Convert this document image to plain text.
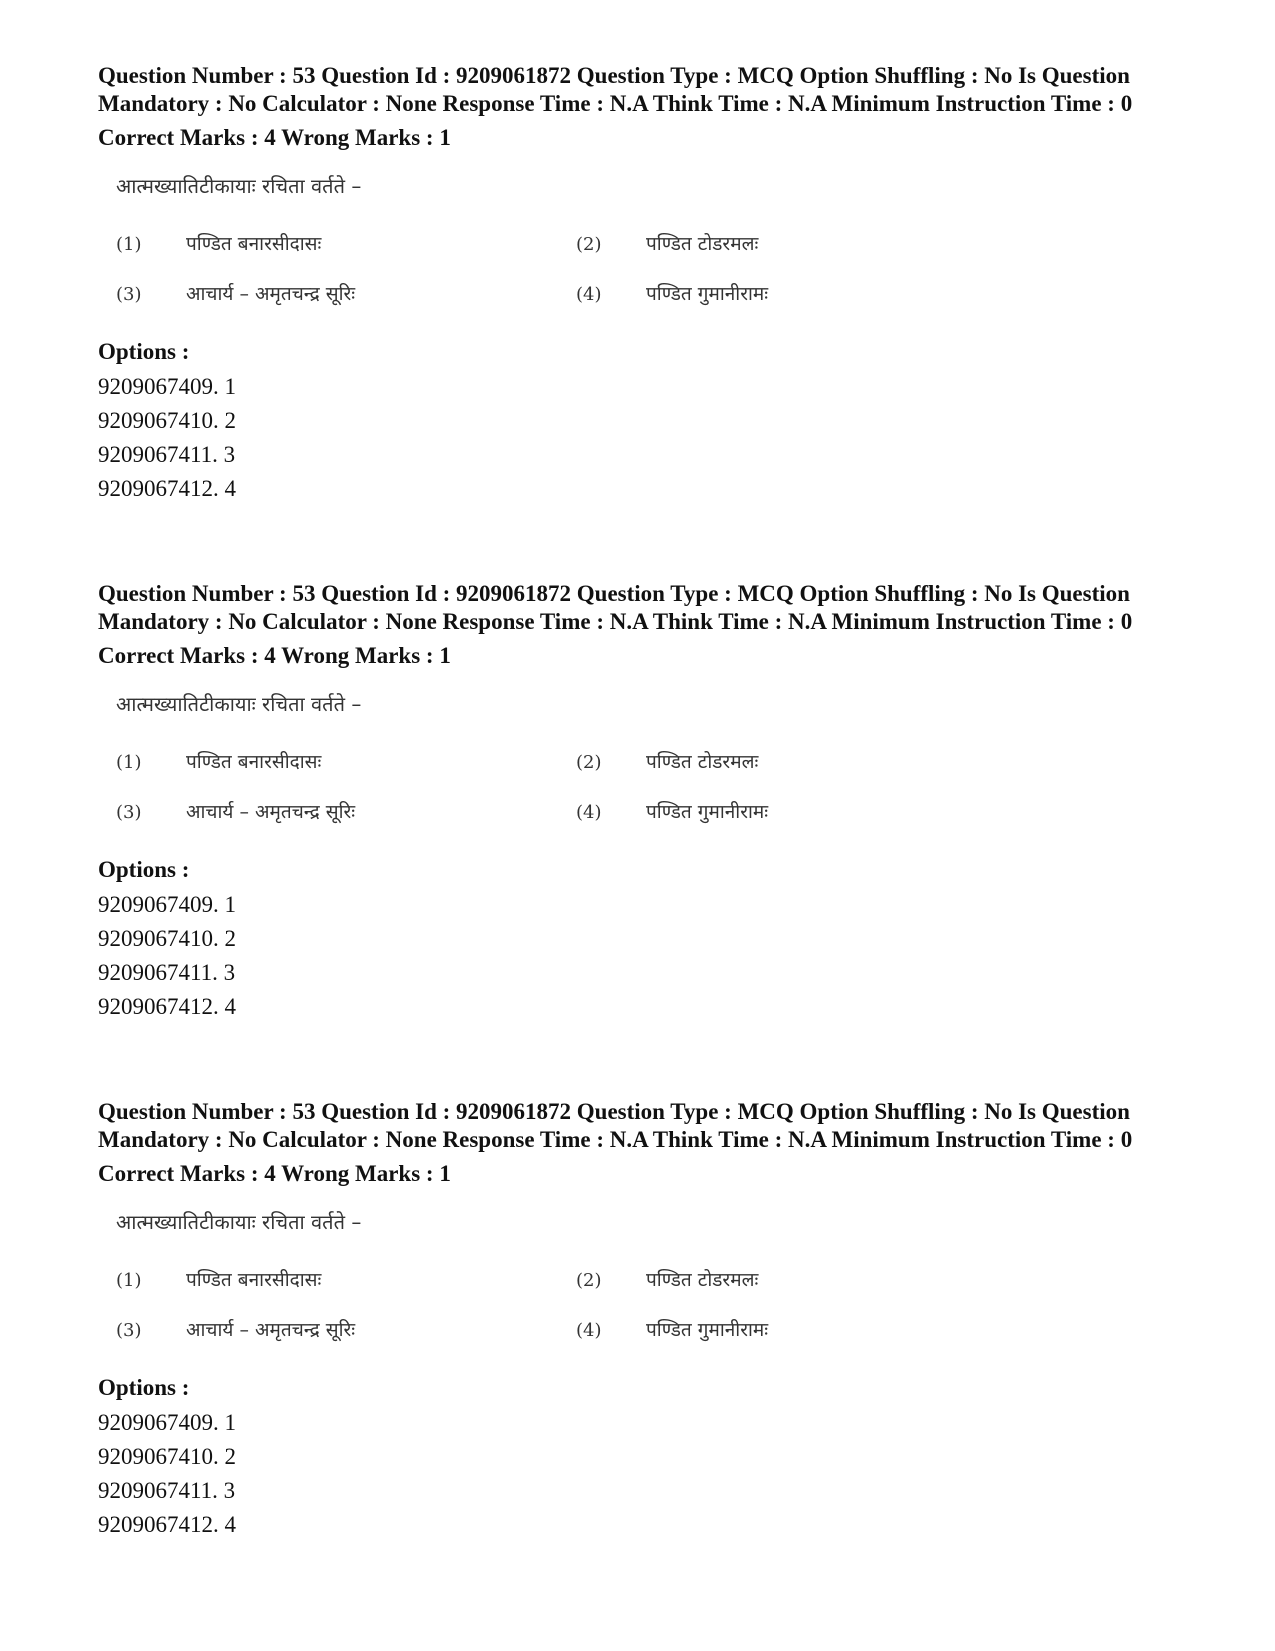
Question Number : 53 Question Id : 9209061872 Question Type : MCQ Option Shuffling : No Is Question Mandatory : No Calculator : None Response Time : N.A Think Time : N.A Minimum Instruction Time : 0
Correct Marks : 4 Wrong Marks : 1
आत्मख्यातिटीकायाः रचिता वर्तते –
(1) पण्डित बनारसीदासः	(2) पण्डित टोडरमलः
(3) आचार्य – अमृतचन्द्र सूरिः	(4) पण्डित गुमानीरामः
Options :
9209067409. 1
9209067410. 2
9209067411. 3
9209067412. 4
Question Number : 53 Question Id : 9209061872 Question Type : MCQ Option Shuffling : No Is Question Mandatory : No Calculator : None Response Time : N.A Think Time : N.A Minimum Instruction Time : 0
Correct Marks : 4 Wrong Marks : 1
आत्मख्यातिटीकायाः रचिता वर्तते –
(1) पण्डित बनारसीदासः	(2) पण्डित टोडरमलः
(3) आचार्य – अमृतचन्द्र सूरिः	(4) पण्डित गुमानीरामः
Options :
9209067409. 1
9209067410. 2
9209067411. 3
9209067412. 4
Question Number : 53 Question Id : 9209061872 Question Type : MCQ Option Shuffling : No Is Question Mandatory : No Calculator : None Response Time : N.A Think Time : N.A Minimum Instruction Time : 0
Correct Marks : 4 Wrong Marks : 1
आत्मख्यातिटीकायाः रचिता वर्तते –
(1) पण्डित बनारसीदासः	(2) पण्डित टोडरमलः
(3) आचार्य – अमृतचन्द्र सूरिः	(4) पण्डित गुमानीरामः
Options :
9209067409. 1
9209067410. 2
9209067411. 3
9209067412. 4
